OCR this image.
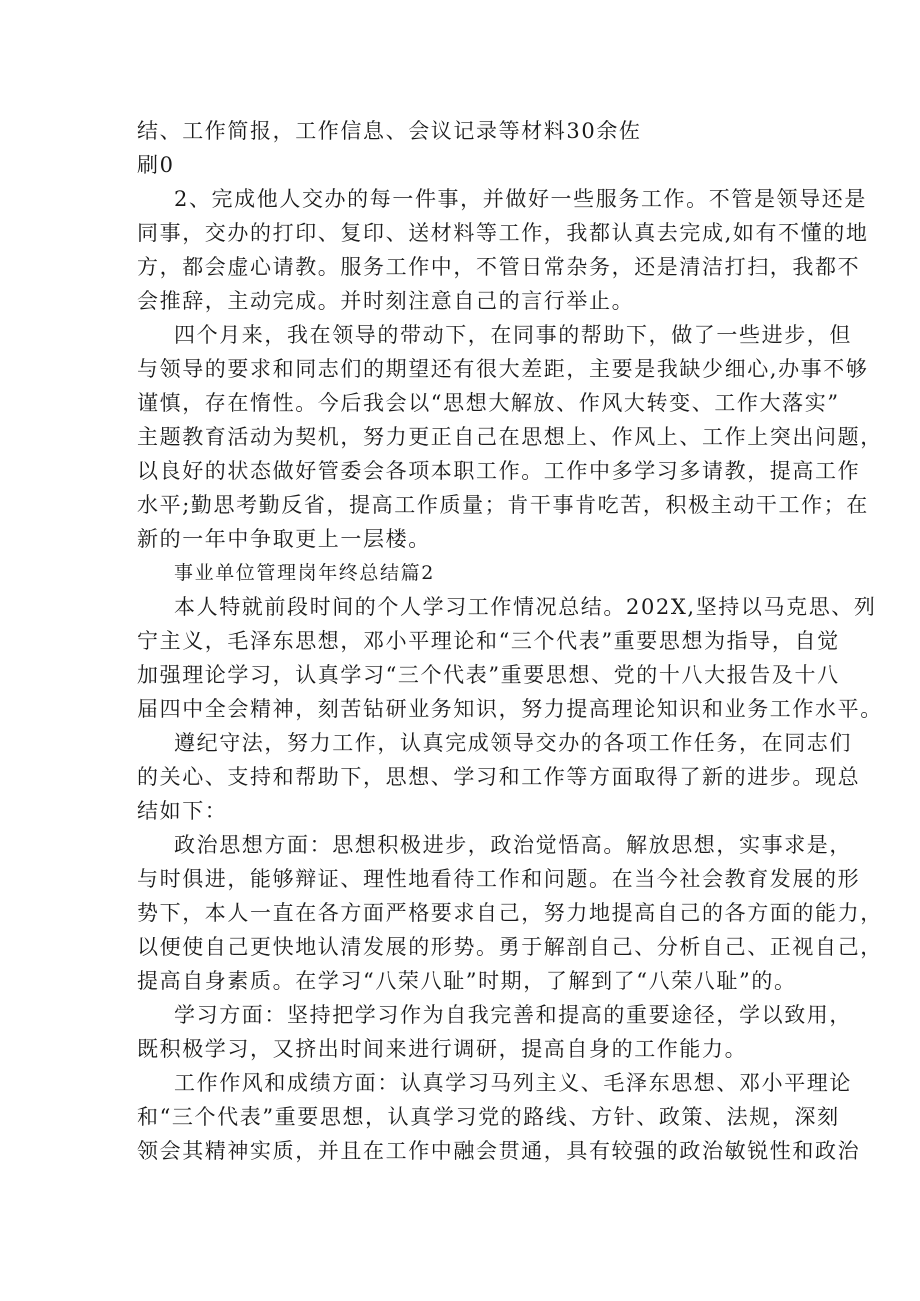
结、工作简报，工作信息、会议记录等材料30余佐
刷0
2、完成他人交办的每一件事，并做好一些服务工作。不管是领导还是
同事，交办的打印、复印、送材料等工作，我都认真去完成,如有不懂的地
方，都会虚心请教。服务工作中，不管日常杂务，还是清洁打扫，我都不
会推辞，主动完成。并时刻注意自己的言行举止。
四个月来，我在领导的带动下，在同事的帮助下，做了一些进步，但
与领导的要求和同志们的期望还有很大差距，主要是我缺少细心,办事不够
谨慎，存在惰性。今后我会以“思想大解放、作风大转变、工作大落实”
主题教育活动为契机，努力更正自己在思想上、作风上、工作上突出问题，
以良好的状态做好管委会各项本职工作。工作中多学习多请教，提高工作
水平;勤思考勤反省，提高工作质量；肯干事肯吃苦，积极主动干工作；在
新的一年中争取更上一层楼。
事业单位管理岗年终总结篇2
本人特就前段时间的个人学习工作情况总结。202X,坚持以马克思、列
宁主义，毛泽东思想，邓小平理论和“三个代表”重要思想为指导，自觉
加强理论学习，认真学习“三个代表”重要思想、党的十八大报告及十八
届四中全会精神，刻苦钻研业务知识，努力提高理论知识和业务工作水平。
遵纪守法，努力工作，认真完成领导交办的各项工作任务，在同志们
的关心、支持和帮助下，思想、学习和工作等方面取得了新的进步。现总
结如下：
政治思想方面：思想积极进步，政治觉悟高。解放思想，实事求是，
与时俱进，能够辩证、理性地看待工作和问题。在当今社会教育发展的形
势下，本人一直在各方面严格要求自己，努力地提高自己的各方面的能力，
以便使自己更快地认清发展的形势。勇于解剖自己、分析自己、正视自己，
提高自身素质。在学习“八荣八耻”时期，了解到了“八荣八耻”的。
学习方面：坚持把学习作为自我完善和提高的重要途径，学以致用，
既积极学习，又挤出时间来进行调研，提高自身的工作能力。
工作作风和成绩方面：认真学习马列主义、毛泽东思想、邓小平理论
和“三个代表”重要思想，认真学习党的路线、方针、政策、法规，深刻
领会其精神实质，并且在工作中融会贯通，具有较强的政治敏锐性和政治
